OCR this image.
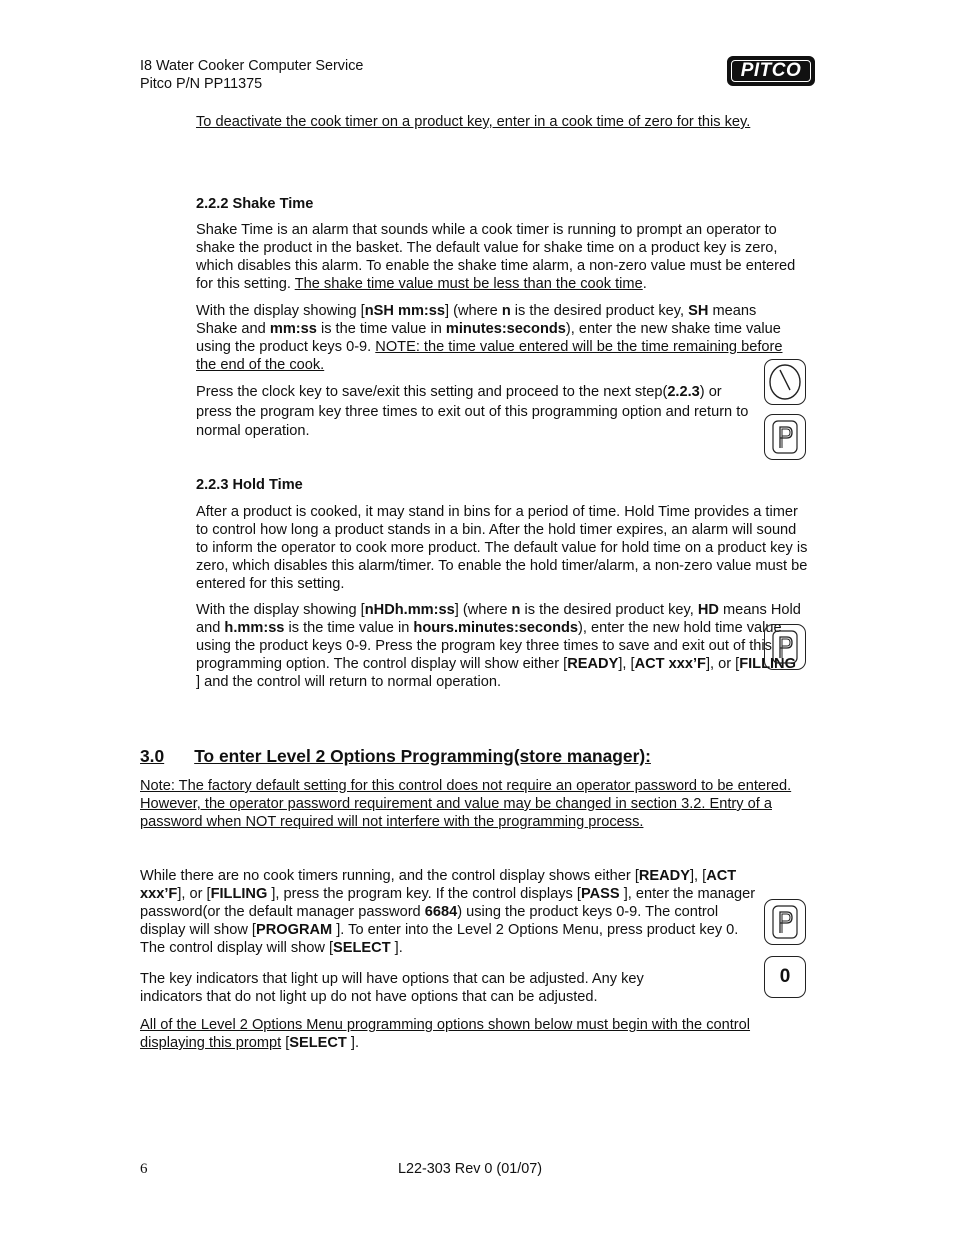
I8 Water Cooker Computer Service

Pitco P/N PP11375

PITCO

To deactivate the cook timer on a product key, enter in a cook time of zero for this key.

2.2.2 Shake Time

Shake Time is an alarm that sounds while a cook timer is running to prompt an operator to shake the product in the basket. The default value for shake time on a product key is zero, which disables this alarm. To enable the shake time alarm, a non-zero value must be entered for this setting. The shake time value must be less than the cook time.

With the display showing [nSH mm:ss] (where n is the desired product key, SH means Shake and mm:ss is the time value in minutes:seconds), enter the new shake time value using the product keys 0-9. NOTE: the time value entered will be the time remaining before the end of the cook.

Press the clock key to save/exit this setting and proceed to the next step(2.2.3) or press the program key three times to exit out of this programming option and return to normal operation.

2.2.3 Hold Time

After a product is cooked, it may stand in bins for a period of time. Hold Time provides a timer to control how long a product stands in a bin. After the hold timer expires, an alarm will sound to inform the operator to cook more product. The default value for hold time on a product key is zero, which disables this alarm/timer. To enable the hold timer/alarm, a non-zero value must be entered for this setting.

With the display showing [nHDh.mm:ss] (where n is the desired product key, HD means Hold and h.mm:ss is the time value in hours.minutes:seconds), enter the new hold time value using the product keys 0-9. Press the program key three times to save and exit out of this programming option. The control display will show either [READY], [ACT xxx’F], or [FILLING ] and the control will return to normal operation.

3.0 To enter Level 2 Options Programming(store manager):

Note: The factory default setting for this control does not require an operator password to be entered. However, the operator password requirement and value may be changed in section 3.2. Entry of a password when NOT required will not interfere with the programming process.

While there are no cook timers running, and the control display shows either [READY], [ACT xxx’F], or [FILLING ], press the program key. If the control displays [PASS ], enter the manager password(or the default manager password 6684) using the product keys 0-9. The control display will show [PROGRAM ]. To enter into the Level 2 Options Menu, press product key 0. The control display will show [SELECT ].

The key indicators that light up will have options that can be adjusted. Any key indicators that do not light up do not have options that can be adjusted.

All of the Level 2 Options Menu programming options shown below must begin with the control displaying this prompt [SELECT ].

0

6	L22-303 Rev 0 (01/07)
